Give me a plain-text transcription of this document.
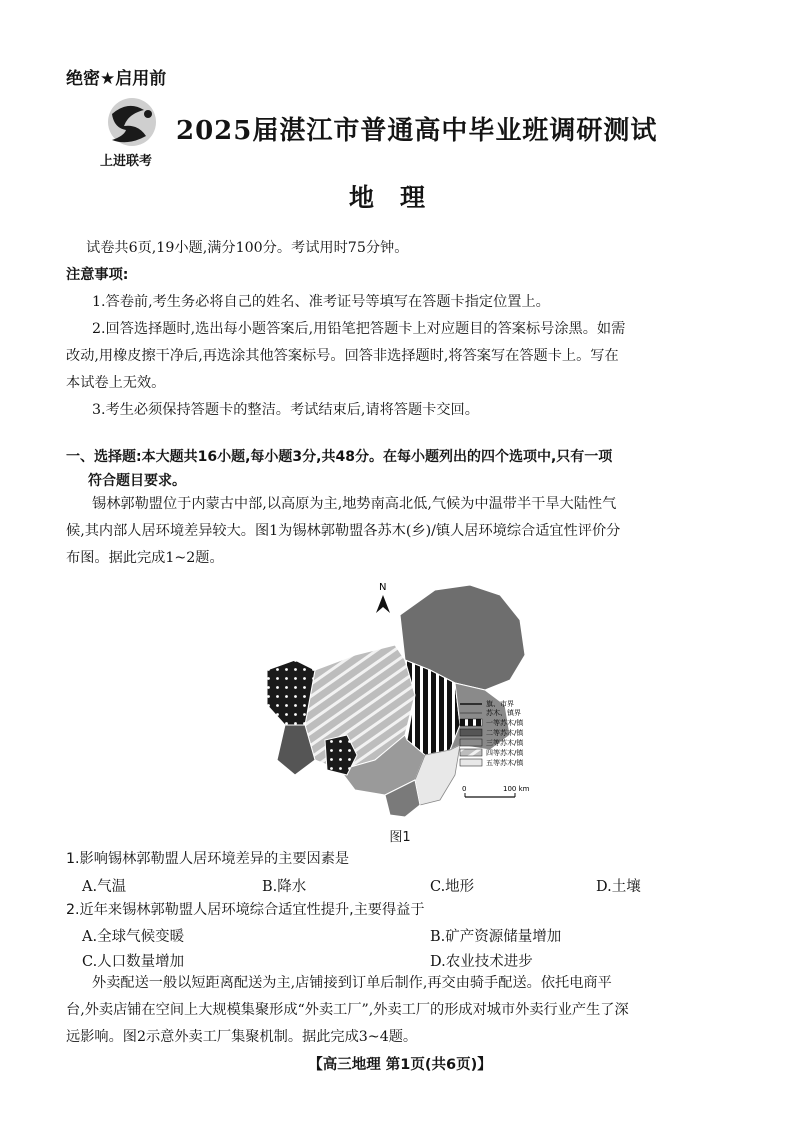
绝密★启用前
上进联考
2025届湛江市普通高中毕业班调研测试
地理
试卷共6页,19小题,满分100分。考试用时75分钟。
注意事项:
1.答卷前,考生务必将自己的姓名、准考证号等填写在答题卡指定位置上。
2.回答选择题时,选出每小题答案后,用铅笔把答题卡上对应题目的答案标号涂黑。如需
改动,用橡皮擦干净后,再选涂其他答案标号。回答非选择题时,将答案写在答题卡上。写在
本试卷上无效。
3.考生必须保持答题卡的整洁。考试结束后,请将答题卡交回。
一、选择题:本大题共16小题,每小题3分,共48分。在每小题列出的四个选项中,只有一项
符合题目要求。
锡林郭勒盟位于内蒙古中部,以高原为主,地势南高北低,气候为中温带半干旱大陆性气
候,其内部人居环境差异较大。图1为锡林郭勒盟各苏木(乡)/镇人居环境综合适宜性评价分
布图。据此完成1~2题。
N
旗、市界
苏木、镇界
一等苏木/镇
二等苏木/镇
三等苏木/镇
四等苏木/镇
五等苏木/镇
0	100 km
图1
1.影响锡林郭勒盟人居环境差异的主要因素是
A.气温	B.降水	C.地形	D.土壤
2.近年来锡林郭勒盟人居环境综合适宜性提升,主要得益于
A.全球气候变暖	B.矿产资源储量增加
C.人口数量增加	D.农业技术进步
外卖配送一般以短距离配送为主,店铺接到订单后制作,再交由骑手配送。依托电商平
台,外卖店铺在空间上大规模集聚形成“外卖工厂”,外卖工厂的形成对城市外卖行业产生了深
远影响。图2示意外卖工厂集聚机制。据此完成3~4题。
【高三地理 第1页(共6页)】
